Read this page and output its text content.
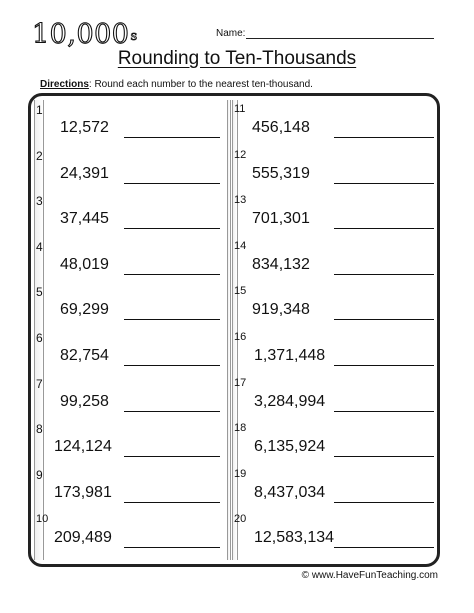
10,000$^s$	Name:
Rounding to Ten-Thousands
Directions: Round each number to the nearest ten-thousand.
1
12,572
2
24,391
3
37,445
4
48,019
5
69,299
6
82,754
7
99,258
8
124,124
9
173,981
10
209,489
11
456,148
12
555,319
13
701,301
14
834,132
15
919,348
16
1,371,448
17
3,284,994
18
6,135,924
19
8,437,034
20
12,583,134
© www.HaveFunTeaching.com
